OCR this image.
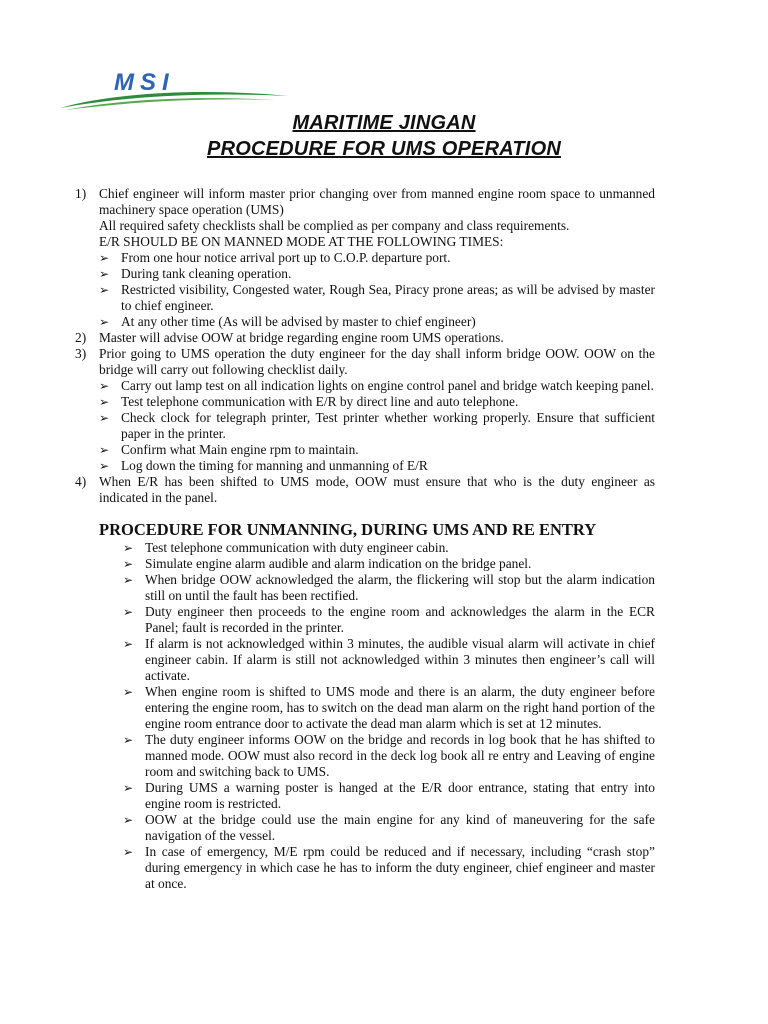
MSI
MARITIME JINGAN
PROCEDURE FOR UMS OPERATION
1) Chief engineer will inform master prior changing over from manned engine room space to unmanned machinery space operation (UMS)
All required safety checklists shall be complied as per company and class requirements.
E/R SHOULD BE ON MANNED MODE AT THE FOLLOWING TIMES:
➢ From one hour notice arrival port up to C.O.P. departure port.
➢ During tank cleaning operation.
➢ Restricted visibility, Congested water, Rough Sea, Piracy prone areas; as will be advised by master to chief engineer.
➢ At any other time (As will be advised by master to chief engineer)
2) Master will advise OOW at bridge regarding engine room UMS operations.
3) Prior going to UMS operation the duty engineer for the day shall inform bridge OOW. OOW on the bridge will carry out following checklist daily.
➢ Carry out lamp test on all indication lights on engine control panel and bridge watch keeping panel.
➢ Test telephone communication with E/R by direct line and auto telephone.
➢ Check clock for telegraph printer, Test printer whether working properly. Ensure that sufficient paper in the printer.
➢ Confirm what Main engine rpm to maintain.
➢ Log down the timing for manning and unmanning of E/R
4) When E/R has been shifted to UMS mode, OOW must ensure that who is the duty engineer as indicated in the panel.
PROCEDURE FOR UNMANNING, DURING UMS AND RE ENTRY
➢ Test telephone communication with duty engineer cabin.
➢ Simulate engine alarm audible and alarm indication on the bridge panel.
➢ When bridge OOW acknowledged the alarm, the flickering will stop but the alarm indication still on until the fault has been rectified.
➢ Duty engineer then proceeds to the engine room and acknowledges the alarm in the ECR Panel; fault is recorded in the printer.
➢ If alarm is not acknowledged within 3 minutes, the audible visual alarm will activate in chief engineer cabin. If alarm is still not acknowledged within 3 minutes then engineer’s call will activate.
➢ When engine room is shifted to UMS mode and there is an alarm, the duty engineer before entering the engine room, has to switch on the dead man alarm on the right hand portion of the engine room entrance door to activate the dead man alarm which is set at 12 minutes.
➢ The duty engineer informs OOW on the bridge and records in log book that he has shifted to manned mode. OOW must also record in the deck log book all re entry and Leaving of engine room and switching back to UMS.
➢ During UMS a warning poster is hanged at the E/R door entrance, stating that entry into engine room is restricted.
➢ OOW at the bridge could use the main engine for any kind of maneuvering for the safe navigation of the vessel.
➢ In case of emergency, M/E rpm could be reduced and if necessary, including “crash stop” during emergency in which case he has to inform the duty engineer, chief engineer and master at once.
